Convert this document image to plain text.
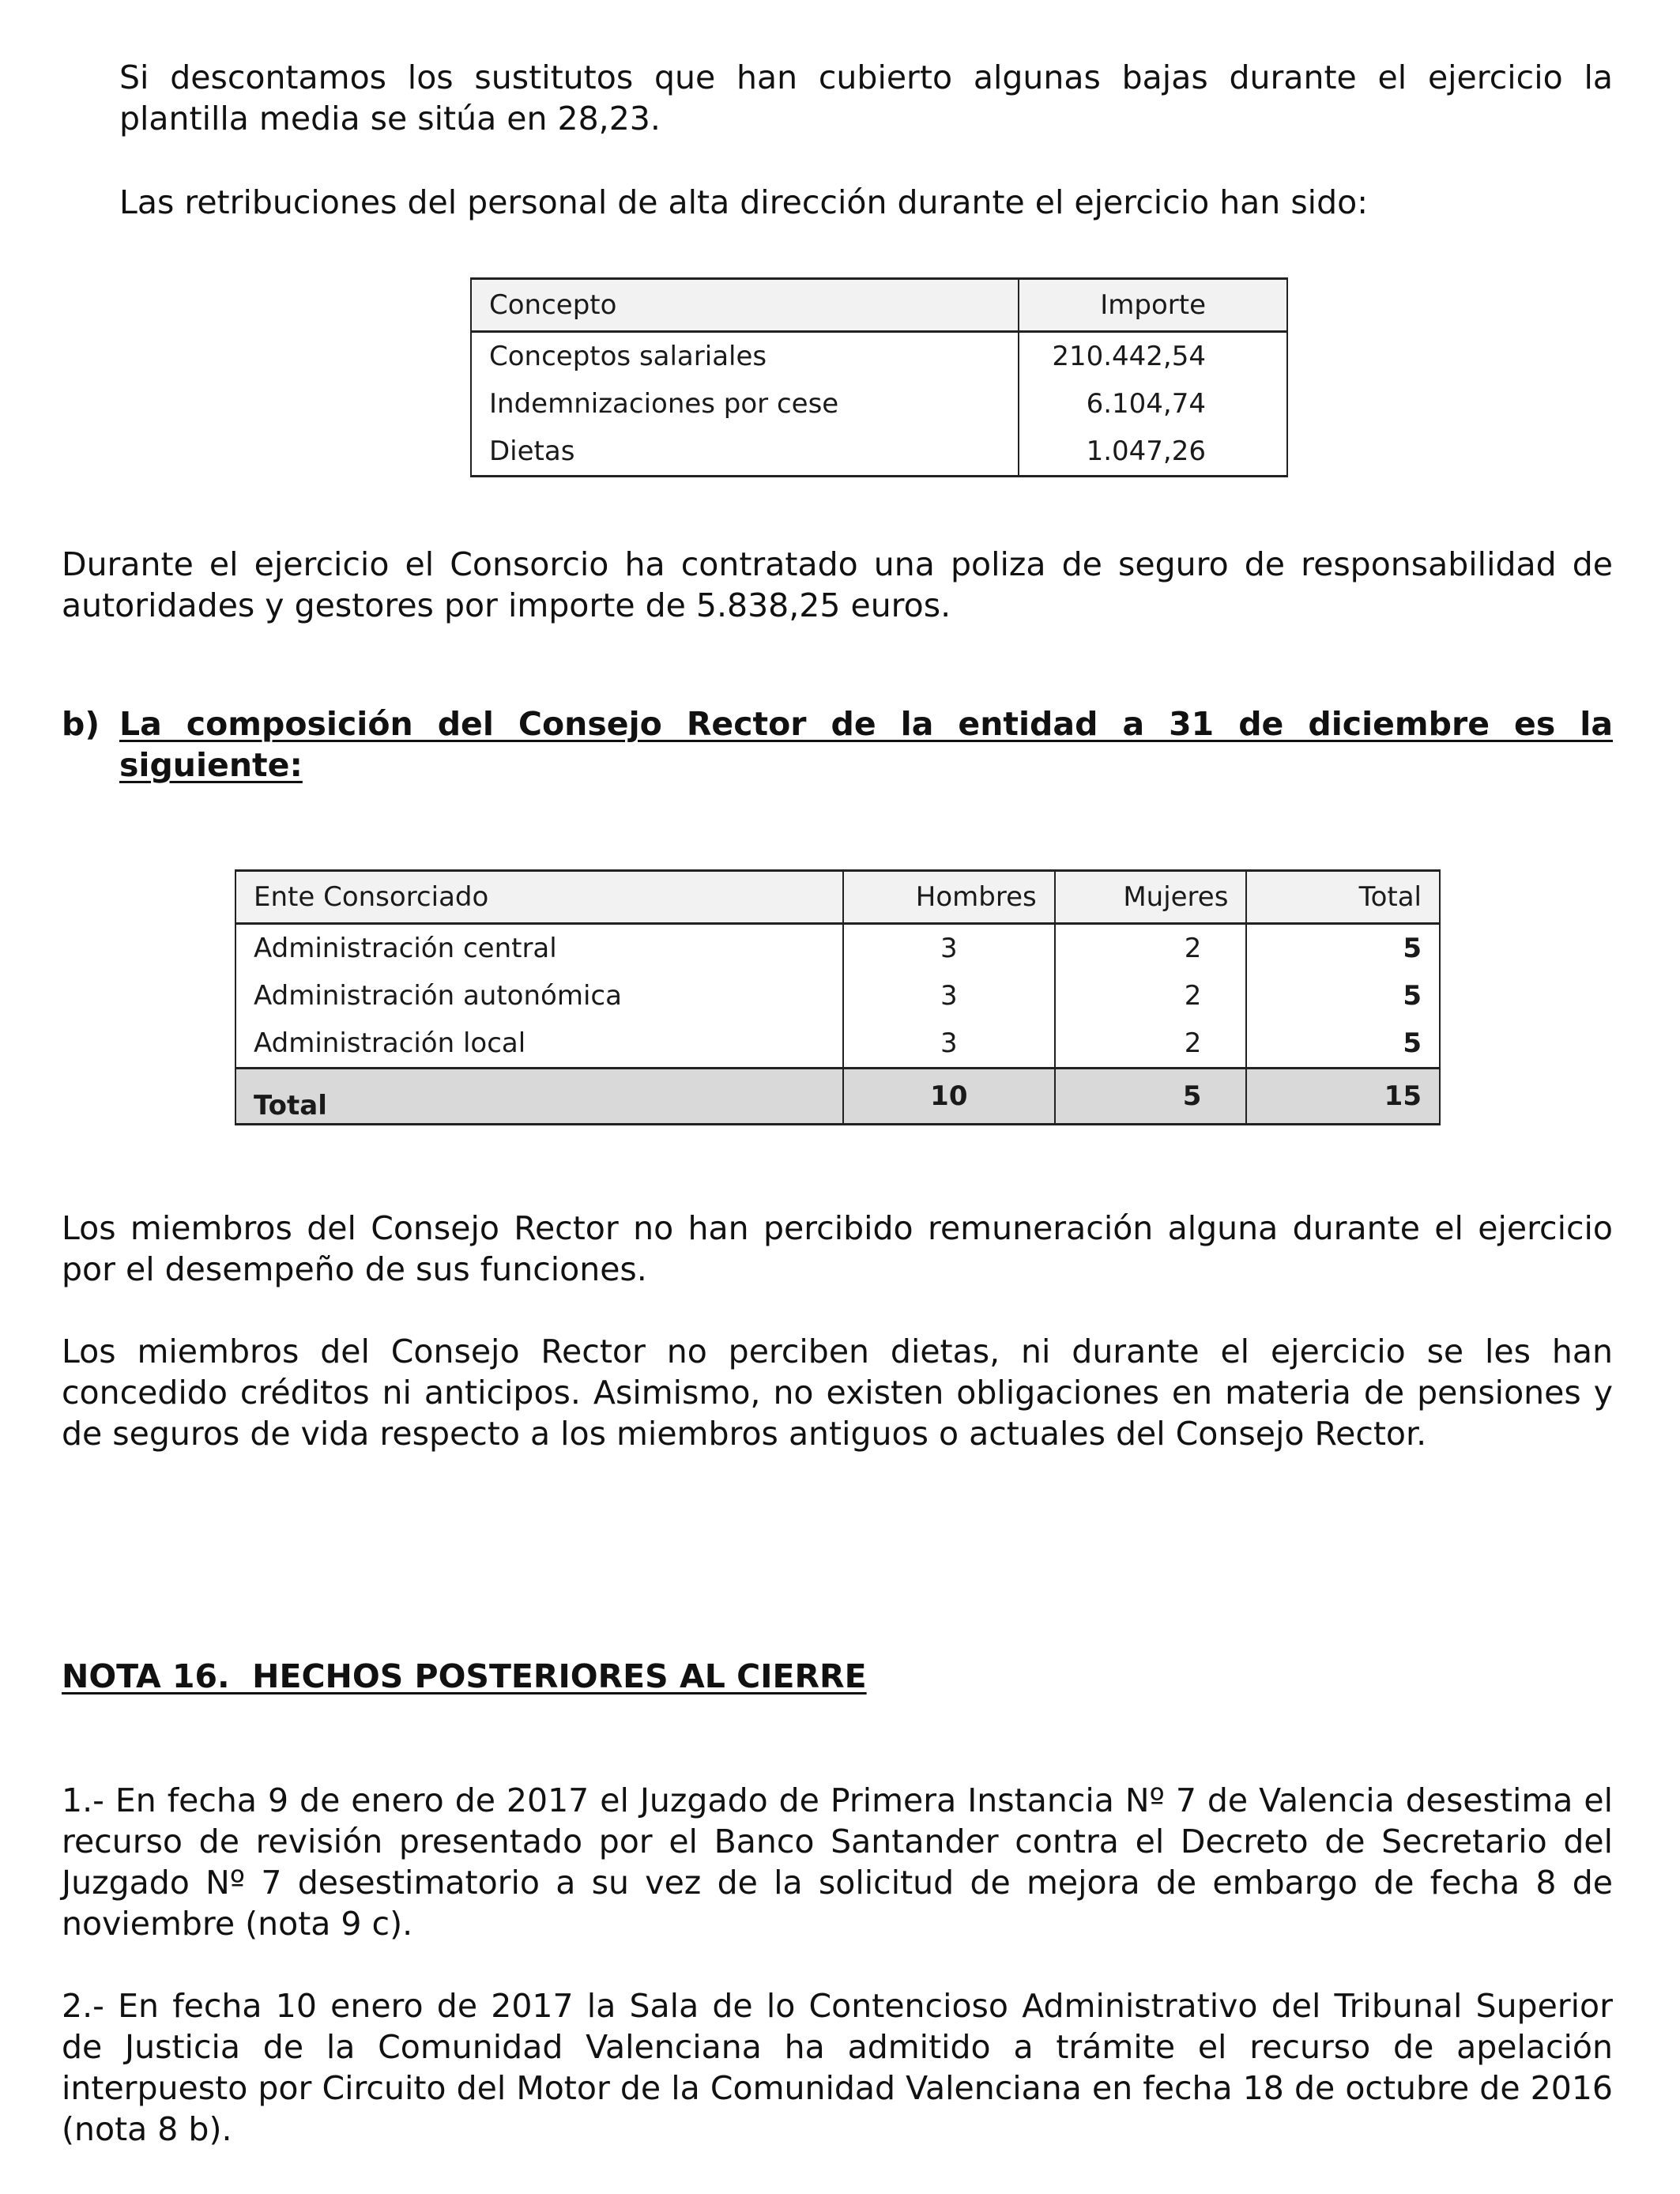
Si descontamos los sustitutos que han cubierto algunas bajas durante el ejercicio la plantilla media se sitúa en 28,23.

Las retribuciones del personal de alta dirección durante el ejercicio han sido:

Concepto	Importe
Conceptos salariales	210.442,54
Indemnizaciones por cese	6.104,74
Dietas	1.047,26

Durante el ejercicio el Consorcio ha contratado una poliza de seguro de responsabilidad de autoridades y gestores por importe de 5.838,25 euros.

b) La composición del Consejo Rector de la entidad a 31 de diciembre es la siguiente:
Ente Consorciado	Hombres	Mujeres	Total
Administración central	3	2	5
Administración autonómica	3	2	5
Administración local	3	2	5
Total	10	5	15

Los miembros del Consejo Rector no han percibido remuneración alguna durante el ejercicio por el desempeño de sus funciones.

Los miembros del Consejo Rector no perciben dietas, ni durante el ejercicio se les han concedido créditos ni anticipos. Asimismo, no existen obligaciones en materia de pensiones y de seguros de vida respecto a los miembros antiguos o actuales del Consejo Rector.

NOTA 16.  HECHOS POSTERIORES AL CIERRE

1.- En fecha 9 de enero de 2017 el Juzgado de Primera Instancia Nº 7 de Valencia desestima el recurso de revisión presentado por el Banco Santander contra el Decreto de Secretario del Juzgado Nº 7 desestimatorio a su vez de la solicitud de mejora de embargo de fecha 8 de noviembre (nota 9 c).

2.- En fecha 10 enero de 2017 la Sala de lo Contencioso Administrativo del Tribunal Superior de Justicia de la Comunidad Valenciana ha admitido a trámite el recurso de apelación interpuesto por Circuito del Motor de la Comunidad Valenciana en fecha 18 de octubre de 2016 (nota 8 b).
